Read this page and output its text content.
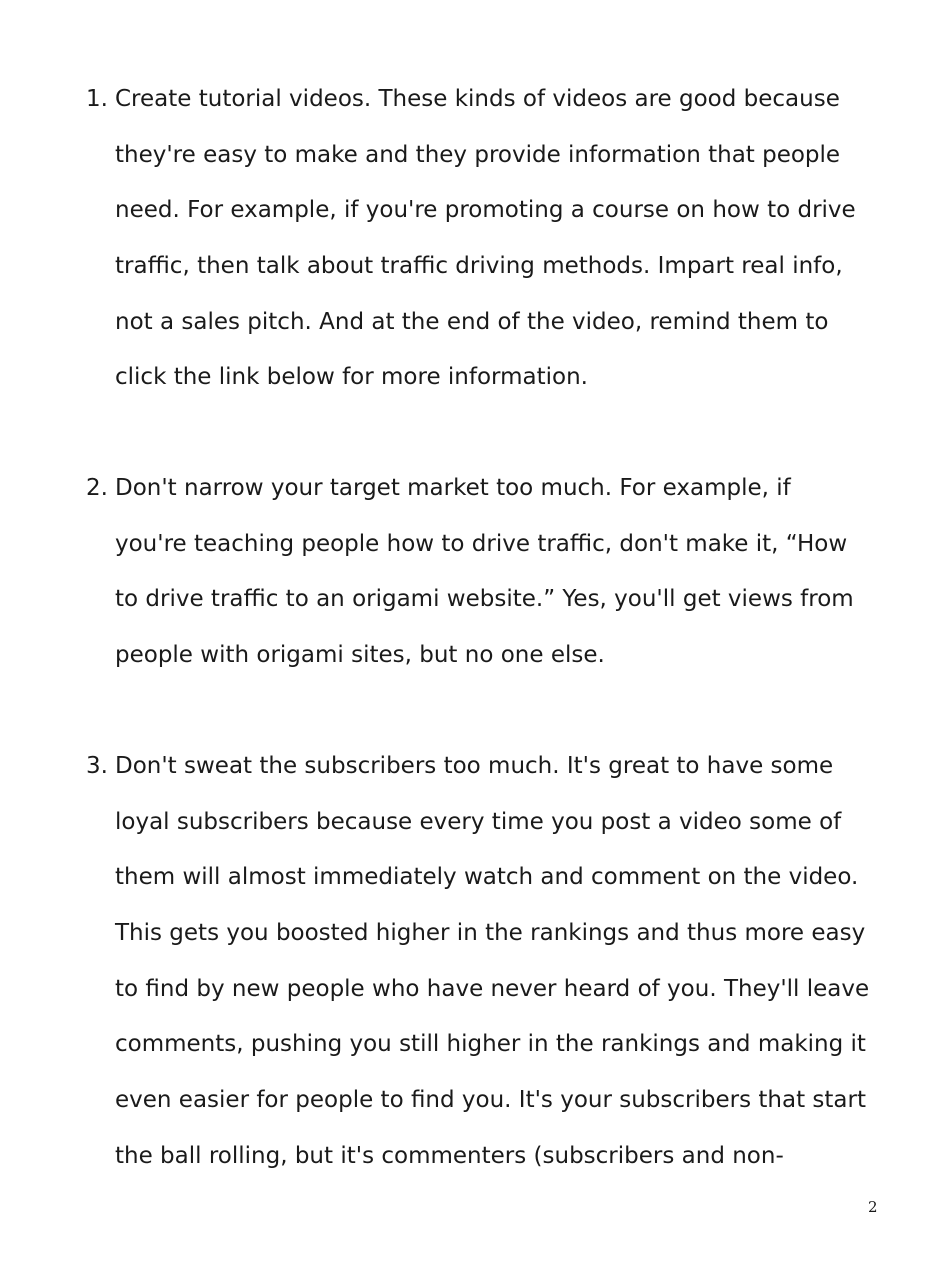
1. Create tutorial videos. These kinds of videos are good because
they're easy to make and they provide information that people
need. For example, if you're promoting a course on how to drive
traffic, then talk about traffic driving methods. Impart real info,
not a sales pitch. And at the end of the video, remind them to
click the link below for more information.
2. Don't narrow your target market too much. For example, if
you're teaching people how to drive traffic, don't make it, “How
to drive traffic to an origami website.” Yes, you'll get views from
people with origami sites, but no one else.
3. Don't sweat the subscribers too much. It's great to have some
loyal subscribers because every time you post a video some of
them will almost immediately watch and comment on the video.
This gets you boosted higher in the rankings and thus more easy
to find by new people who have never heard of you. They'll leave
comments, pushing you still higher in the rankings and making it
even easier for people to find you. It's your subscribers that start
the ball rolling, but it's commenters (subscribers and non-
2
